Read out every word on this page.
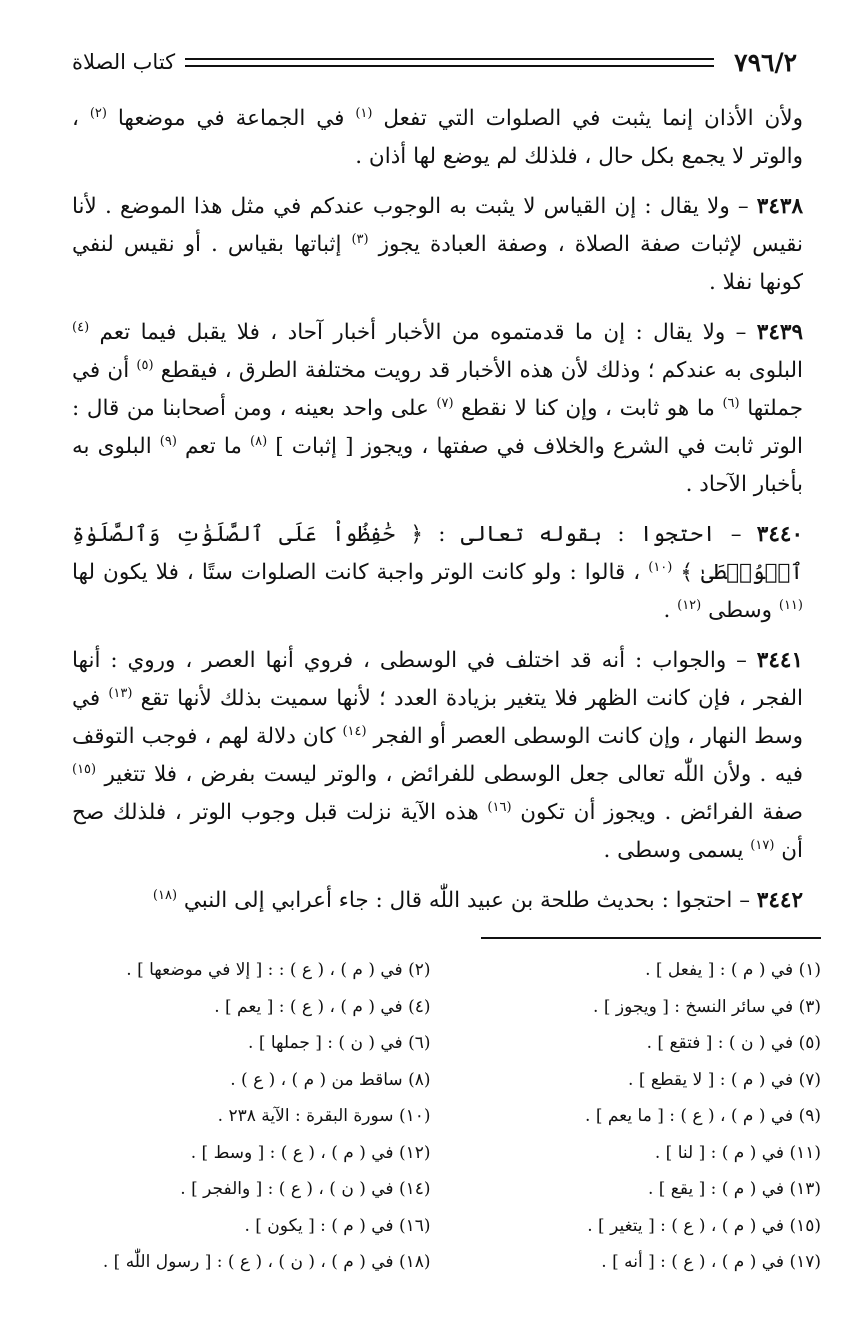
٧٩٦/٢
كتاب الصلاة

ولأن الأذان إنما يثبت في الصلوات التي تفعل $^{(١)}$ في الجماعة في موضعها $^{(٢)}$ ، والوتر لا يجمع بكل حال ، فلذلك لم يوضع لها أذان .

٣٤٣٨ – ولا يقال : إن القياس لا يثبت به الوجوب عندكم في مثل هذا الموضع . لأنا نقيس لإثبات صفة الصلاة ، وصفة العبادة يجوز $^{(٣)}$ إثباتها بقياس . أو نقيس لنفي كونها نفلا .

٣٤٣٩ – ولا يقال : إن ما قدمتموه من الأخبار أخبار آحاد ، فلا يقبل فيما تعم $^{(٤)}$ البلوى به عندكم ؛ وذلك لأن هذه الأخبار قد رويت مختلفة الطرق ، فيقطع $^{(٥)}$ أن في جملتها $^{(٦)}$ ما هو ثابت ، وإن كنا لا نقطع $^{(٧)}$ على واحد بعينه ، ومن أصحابنا من قال : الوتر ثابت في الشرع والخلاف في صفتها ، ويجوز [ إثبات ] $^{(٨)}$ ما تعم $^{(٩)}$ البلوى به بأخبار الآحاد .

٣٤٤٠ – احتجوا : بقوله تعالى : ﴿ حَٰفِظُواْ عَلَى ٱلصَّلَوَٰتِ وَٱلصَّلَوٰةِ ٱلۡوُسۡطَىٰ ﴾ $^{(١٠)}$ ، قالوا : ولو كانت الوتر واجبة كانت الصلوات ستًا ، فلا يكون لها $^{(١١)}$ وسطى $^{(١٢)}$ .

٣٤٤١ – والجواب : أنه قد اختلف في الوسطى ، فروي أنها العصر ، وروي : أنها الفجر ، فإن كانت الظهر فلا يتغير بزيادة العدد ؛ لأنها سميت بذلك لأنها تقع $^{(١٣)}$ في وسط النهار ، وإن كانت الوسطى العصر أو الفجر $^{(١٤)}$ كان دلالة لهم ، فوجب التوقف فيه . ولأن اللّٰه تعالى جعل الوسطى للفرائض ، والوتر ليست بفرض ، فلا تتغير $^{(١٥)}$ صفة الفرائض . ويجوز أن تكون $^{(١٦)}$ هذه الآية نزلت قبل وجوب الوتر ، فلذلك صح أن $^{(١٧)}$ يسمى وسطى .

٣٤٤٢ – احتجوا : بحديث طلحة بن عبيد اللّٰه قال : جاء أعرابي إلى النبي $^{(١٨)}$

(١) في ( م ) : [ يفعل ] .
(٢) في ( م ) ، ( ع ) : : [ إلا في موضعها ] .
(٣) في سائر النسخ : [ ويجوز ] .
(٤) في ( م ) ، ( ع ) : [ يعم ] .
(٥) في ( ن ) : [ فتقع ] .
(٦) في ( ن ) : [ جملها ] .
(٧) في ( م ) : [ لا يقطع ] .
(٨) ساقط من ( م ) ، ( ع ) .
(٩) في ( م ) ، ( ع ) : [ ما يعم ] .
(١٠) سورة البقرة : الآية ٢٣٨ .
(١١) في ( م ) : [ لنا ] .
(١٢) في ( م ) ، ( ع ) : [ وسط ] .
(١٣) في ( م ) : [ يقع ] .
(١٤) في ( ن ) ، ( ع ) : [ والفجر ] .
(١٥) في ( م ) ، ( ع ) : [ يتغير ] .
(١٦) في ( م ) : [ يكون ] .
(١٧) في ( م ) ، ( ع ) : [ أنه ] .
(١٨) في ( م ) ، ( ن ) ، ( ع ) : [ رسول اللّٰه ] .
